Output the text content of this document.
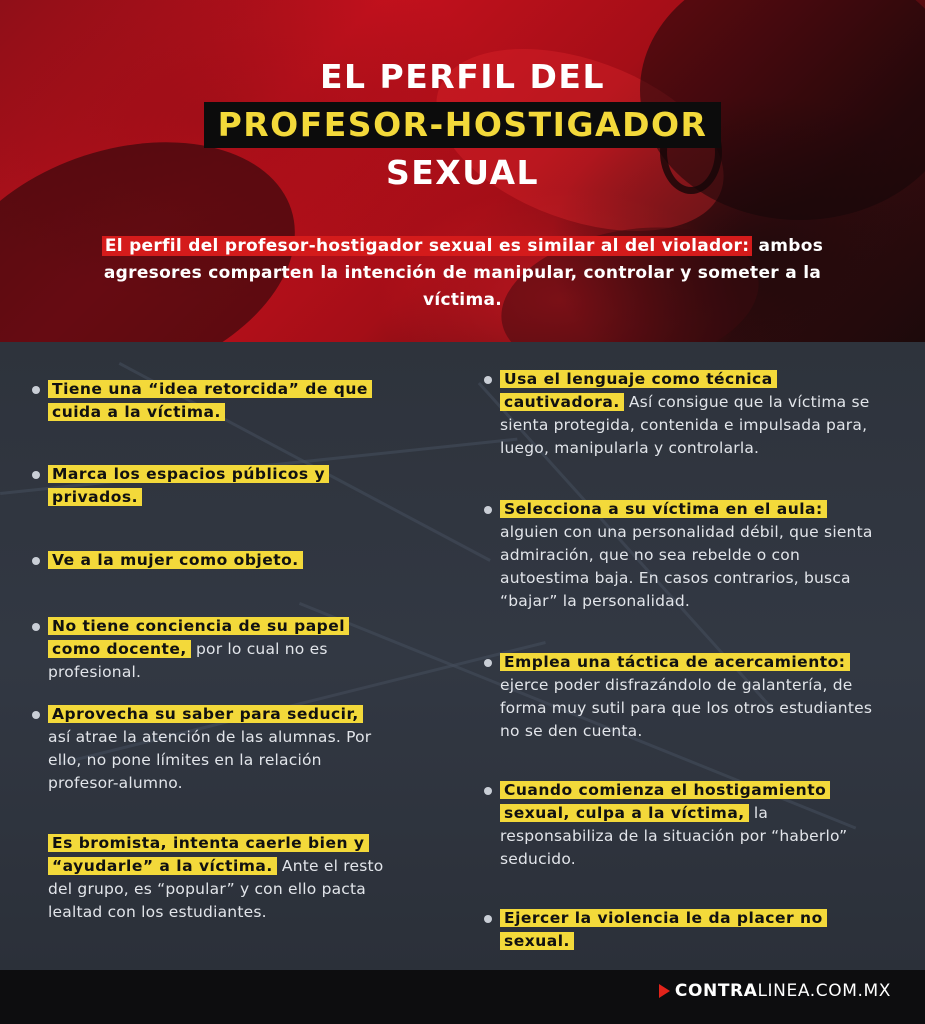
EL PERFIL DEL
PROFESOR-HOSTIGADOR
SEXUAL
El perfil del profesor-hostigador sexual es similar al del violador: ambos agresores comparten la intención de manipular, controlar y someter a la víctima.
Tiene una “idea retorcida” de que cuida a la víctima.
Marca los espacios públicos y privados.
Ve a la mujer como objeto.
No tiene conciencia de su papel como docente, por lo cual no es profesional.
Aprovecha su saber para seducir, así atrae la atención de las alumnas. Por ello, no pone límites en la relación profesor-alumno.
Es bromista, intenta caerle bien y “ayudarle” a la víctima. Ante el resto del grupo, es “popular” y con ello pacta lealtad con los estudiantes.
Usa el lenguaje como técnica cautivadora. Así consigue que la víctima se sienta protegida, contenida e impulsada para, luego, manipularla y controlarla.
Selecciona a su víctima en el aula: alguien con una personalidad débil, que sienta admiración, que no sea rebelde o con autoestima baja. En casos contrarios, busca “bajar” la personalidad.
Emplea una táctica de acercamiento: ejerce poder disfrazándolo de galantería, de forma muy sutil para que los otros estudiantes no se den cuenta.
Cuando comienza el hostigamiento sexual, culpa a la víctima, la responsabiliza de la situación por “haberlo” seducido.
Ejercer la violencia le da placer no sexual.
CONTRA LINEA.COM.MX
